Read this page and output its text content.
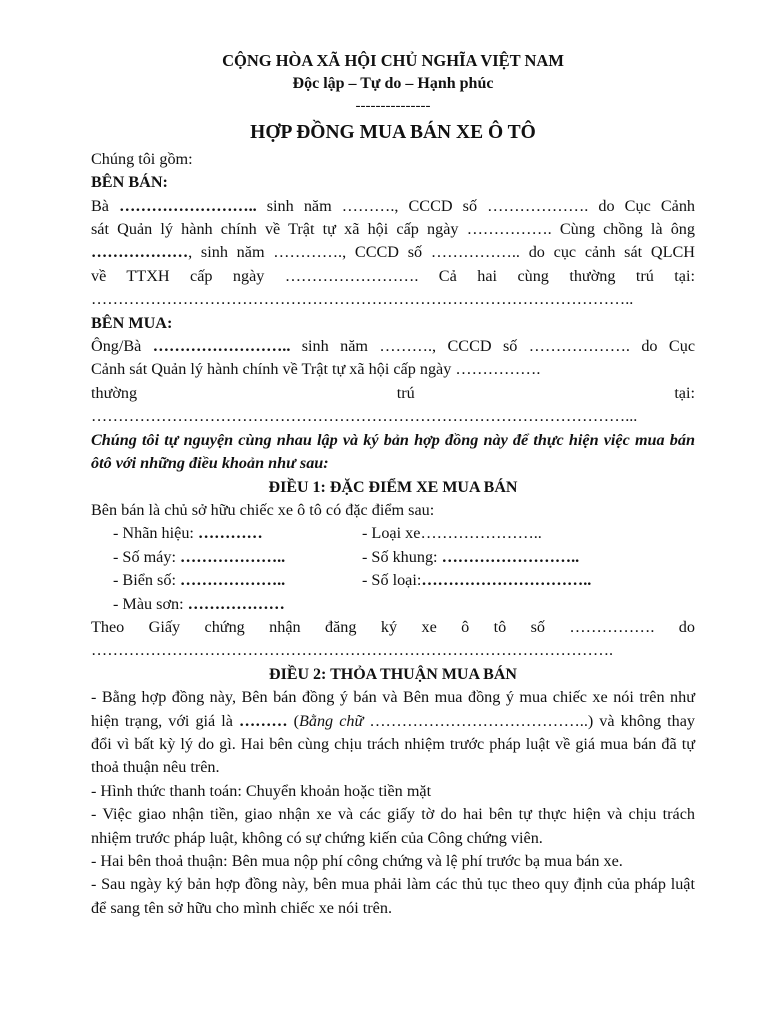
CỘNG HÒA XÃ HỘI CHỦ NGHĨA VIỆT NAM
Độc lập – Tự do – Hạnh phúc
---------------
HỢP ĐỒNG MUA BÁN XE Ô TÔ

Chúng tôi gồm:

BÊN BÁN:

Bà …………………….. sinh năm ………., CCCD số ………………. do Cục Cảnh

sát Quản lý hành chính về Trật tự xã hội cấp ngày ……………. Cùng chồng là ông

………………, sinh năm …………., CCCD số …………….. do cục cảnh sát QLCH

về TTXH cấp ngày ……………………. Cả hai cùng thường trú tại:

………………………………………………………………………………………..

BÊN MUA:

Ông/Bà …………………….. sinh năm ………., CCCD số ………………. do Cục

Cảnh sát Quản lý hành chính về Trật tự xã hội cấp ngày …………….

thường trú tại:

………………………………………………………………………………………...

Chúng tôi tự nguyện cùng nhau lập và ký bản hợp đồng này để thực hiện việc mua bán ôtô với những điều khoản như sau:

ĐIỀU 1: ĐẶC ĐIỂM XE MUA BÁN

Bên bán là chủ sở hữu chiếc xe ô tô có đặc điểm sau:

- Nhãn hiệu: …………	- Loại xe…………………..
- Số máy: ………………..	- Số khung: ……………………..
- Biển số: ………………..	- Số loại:…………………………..
- Màu sơn: ………………

Theo Giấy chứng nhận đăng ký xe ô tô số ……………. do

…………………………………………………………………………………….

ĐIỀU 2: THỎA THUẬN MUA BÁN

- Bằng hợp đồng này, Bên bán đồng ý bán và Bên mua đồng ý mua chiếc xe nói trên như hiện trạng, với giá là ……… (Bằng chữ …………………………………..) và không thay đổi vì bất kỳ lý do gì. Hai bên cùng chịu trách nhiệm trước pháp luật về giá mua bán đã tự thoả thuận nêu trên.

- Hình thức thanh toán: Chuyển khoản hoặc tiền mặt

- Việc giao nhận tiền, giao nhận xe và các giấy tờ do hai bên tự thực hiện và chịu trách nhiệm trước pháp luật, không có sự chứng kiến của Công chứng viên.

- Hai bên thoả thuận: Bên mua nộp phí công chứng và lệ phí trước bạ mua bán xe.

- Sau ngày ký bản hợp đồng này, bên mua phải làm các thủ tục theo quy định của pháp luật để sang tên sở hữu cho mình chiếc xe nói trên.
